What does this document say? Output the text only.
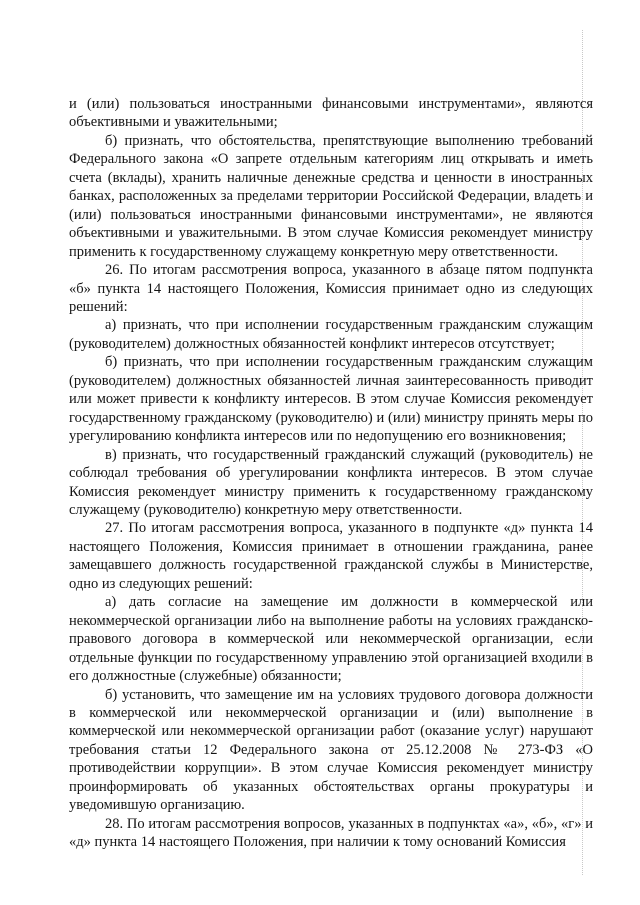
и (или) пользоваться иностранными финансовыми инструментами», являются объективными и уважительными;

б) признать, что обстоятельства, препятствующие выполнению требований Федерального закона «О запрете отдельным категориям лиц открывать и иметь счета (вклады), хранить наличные денежные средства и ценности в иностранных банках, расположенных за пределами территории Российской Федерации, владеть и (или) пользоваться иностранными финансовыми инструментами», не являются объективными и уважительными. В этом случае Комиссия рекомендует министру применить к государственному служащему конкретную меру ответственности.

26. По итогам рассмотрения вопроса, указанного в абзаце пятом подпункта «б» пункта 14 настоящего Положения, Комиссия принимает одно из следующих решений:

а) признать, что при исполнении государственным гражданским служащим (руководителем) должностных обязанностей конфликт интересов отсутствует;

б) признать, что при исполнении государственным гражданским служащим (руководителем) должностных обязанностей личная заинтересованность приводит или может привести к конфликту интересов. В этом случае Комиссия рекомендует государственному гражданскому (руководителю) и (или) министру принять меры по урегулированию конфликта интересов или по недопущению его возникновения;

в) признать, что государственный гражданский служащий (руководитель) не соблюдал требования об урегулировании конфликта интересов. В этом случае Комиссия рекомендует министру применить к государственному гражданскому служащему (руководителю) конкретную меру ответственности.

27. По итогам рассмотрения вопроса, указанного в подпункте «д» пункта 14 настоящего Положения, Комиссия принимает в отношении гражданина, ранее замещавшего должность государственной гражданской службы в Министерстве, одно из следующих решений:

а) дать согласие на замещение им должности в коммерческой или некоммерческой организации либо на выполнение работы на условиях гражданско-правового договора в коммерческой или некоммерческой организации, если отдельные функции по государственному управлению этой организацией входили в его должностные (служебные) обязанности;

б) установить, что замещение им на условиях трудового договора должности в коммерческой или некоммерческой организации и (или) выполнение в коммерческой или некоммерческой организации работ (оказание услуг) нарушают требования статьи 12 Федерального закона от 25.12.2008 № 273-ФЗ «О противодействии коррупции». В этом случае Комиссия рекомендует министру проинформировать об указанных обстоятельствах органы прокуратуры и уведомившую организацию.

28. По итогам рассмотрения вопросов, указанных в подпунктах «а», «б», «г» и «д» пункта 14 настоящего Положения, при наличии к тому оснований Комиссия
